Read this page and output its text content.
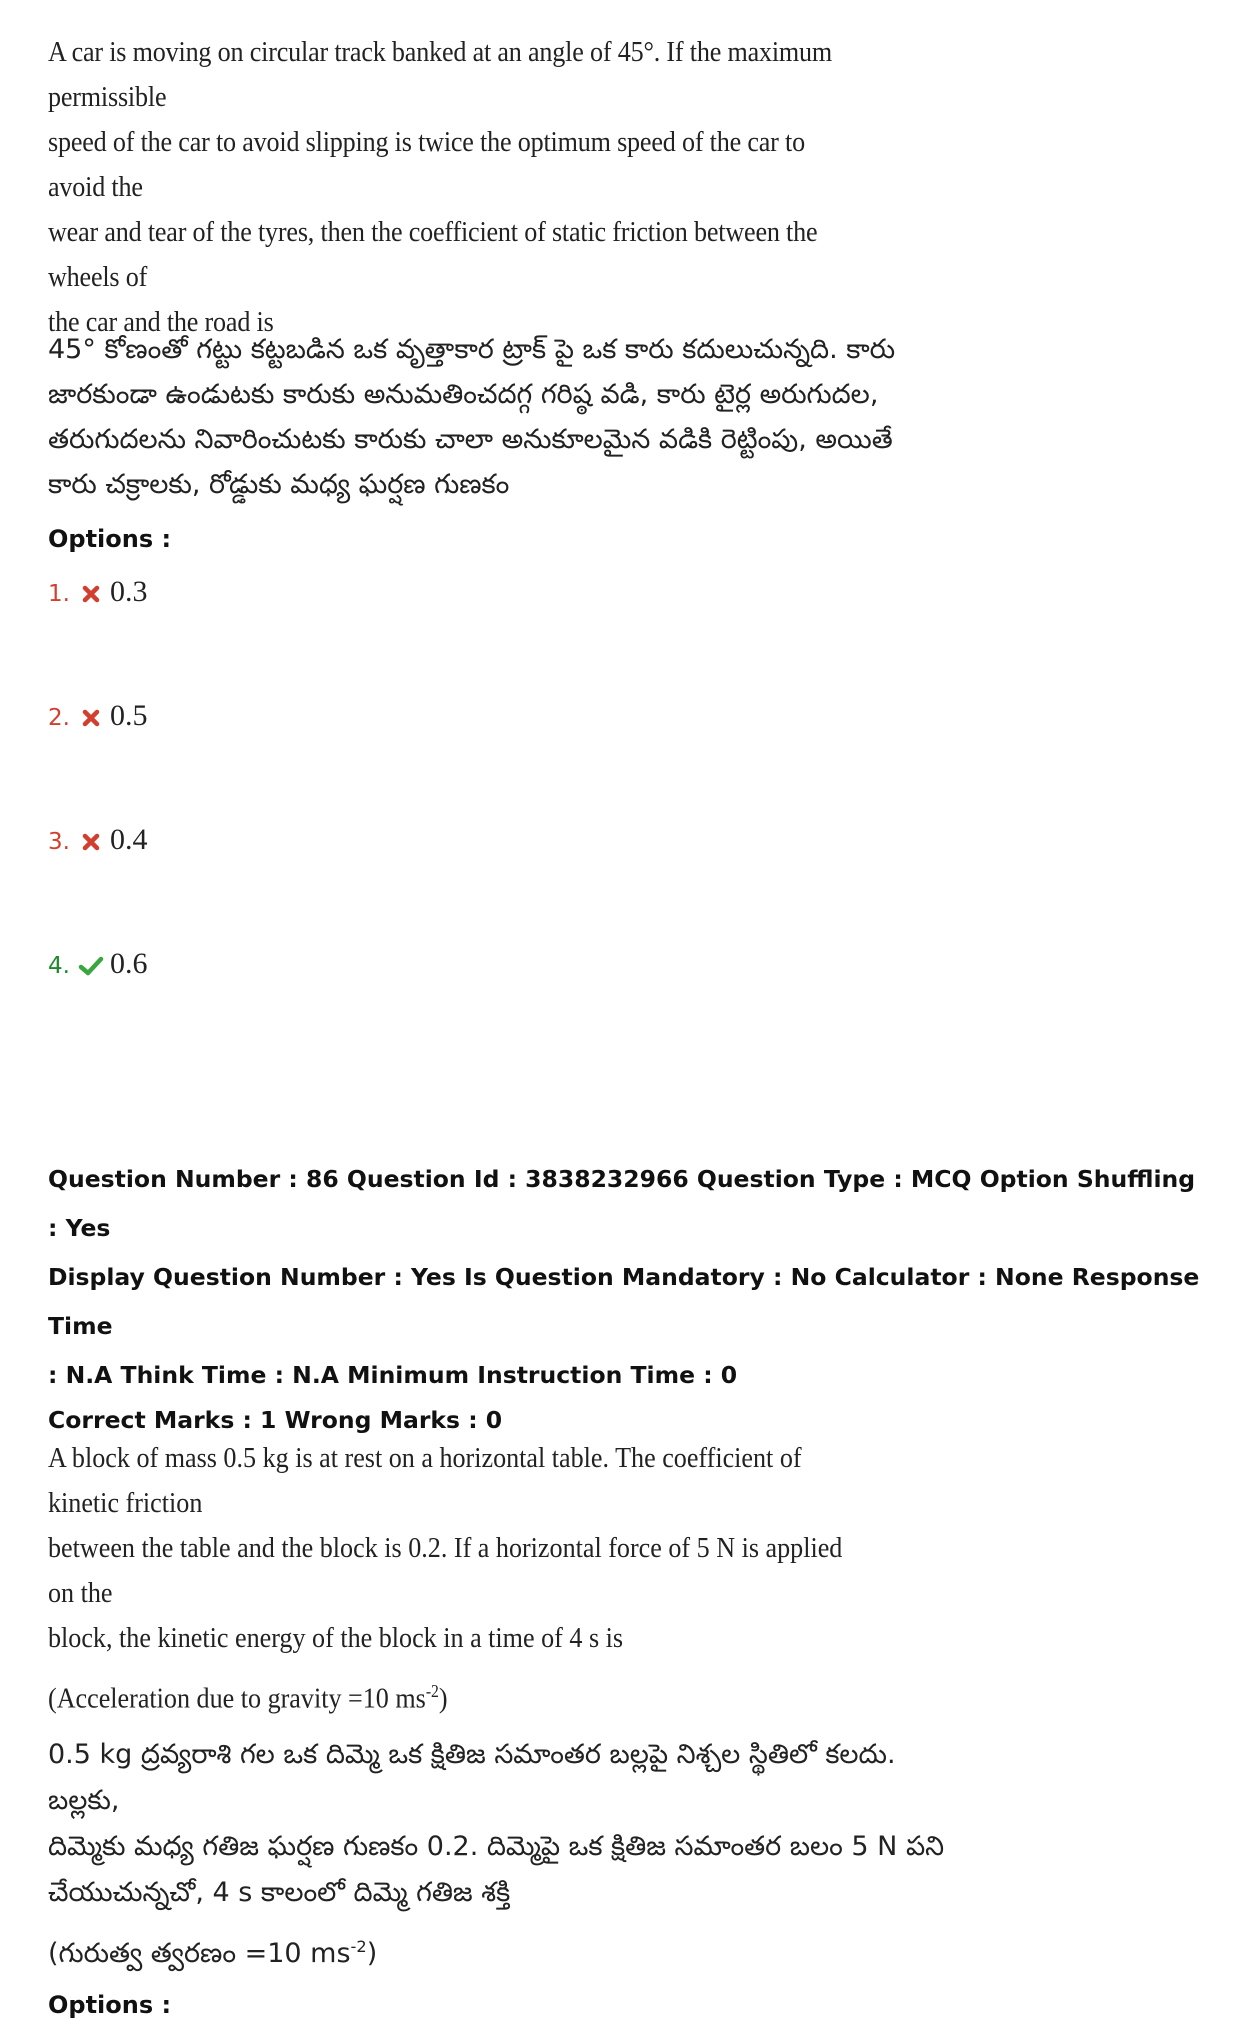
A car is moving on circular track banked at an angle of 45°. If the maximum permissible

speed of the car to avoid slipping is twice the optimum speed of the car to avoid the

wear and tear of the tyres, then the coefficient of static friction between the wheels of

the car and the road is

45° కోణంతో గట్టు కట్టబడిన ఒక వృత్తాకార ట్రాక్ పై ఒక కారు కదులుచున్నది. కారు

జారకుండా ఉండుటకు కారుకు అనుమతించదగ్గ గరిష్ఠ వడి, కారు టైర్ల అరుగుదల,

తరుగుదలను నివారించుటకు కారుకు చాలా అనుకూలమైన వడికి రెట్టింపు, అయితే

కారు చక్రాలకు, రోడ్డుకు మధ్య ఘర్షణ గుణకం

Options :
1. 0.3
2. 0.5
3. 0.4
4. 0.6
Question Number : 86 Question Id : 3838232966 Question Type : MCQ Option Shuffling : Yes
Display Question Number : Yes Is Question Mandatory : No Calculator : None Response Time
: N.A Think Time : N.A Minimum Instruction Time : 0
Correct Marks : 1 Wrong Marks : 0

A block of mass 0.5 kg is at rest on a horizontal table. The coefficient of kinetic friction

between the table and the block is 0.2. If a horizontal force of 5 N is applied on the

block, the kinetic energy of the block in a time of 4 s is

(Acceleration due to gravity =10 $ms^{-2}$)

0.5 kg ద్రవ్యరాశి గల ఒక దిమ్మె ఒక క్షితిజ సమాంతర బల్లపై నిశ్చల స్థితిలో కలదు. బల్లకు,

దిమ్మెకు మధ్య గతిజ ఘర్షణ గుణకం 0.2. దిమ్మెపై ఒక క్షితిజ సమాంతర బలం 5 N పని

చేయుచున్నచో, 4 s కాలంలో దిమ్మె గతిజ శక్తి

(గురుత్వ త్వరణం =10 $ms^{-2}$)

Options :
